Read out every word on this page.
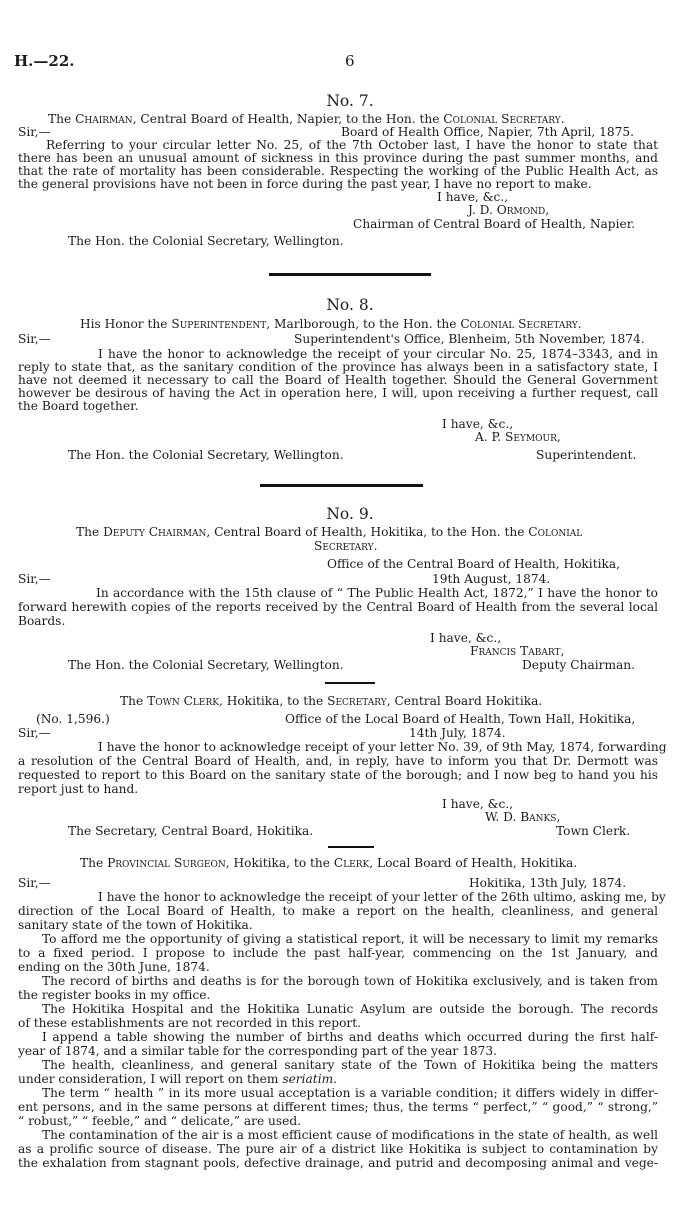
H.—22.	6
No. 7.
The Chairman, Central Board of Health, Napier, to the Hon. the Colonial Secretary.
Sir,—	Board of Health Office, Napier, 7th April, 1875.
Referring to your circular letter No. 25, of the 7th October last, I have the honor to state that
there has been an unusual amount of sickness in this province during the past summer months, and
that the rate of mortality has been considerable. Respecting the working of the Public Health Act, as
the general provisions have not been in force during the past year, I have no report to make.
I have, &c.,
J. D. Ormond,
Chairman of Central Board of Health, Napier.
The Hon. the Colonial Secretary, Wellington.
No. 8.
His Honor the Superintendent, Marlborough, to the Hon. the Colonial Secretary.
Sir,—	Superintendent's Office, Blenheim, 5th November, 1874.
I have the honor to acknowledge the receipt of your circular No. 25, 1874–3343, and in
reply to state that, as the sanitary condition of the province has always been in a satisfactory state, I
have not deemed it necessary to call the Board of Health together. Should the General Government
however be desirous of having the Act in operation here, I will, upon receiving a further request, call
the Board together.
I have, &c.,
A. P. Seymour,
The Hon. the Colonial Secretary, Wellington.	Superintendent.
No. 9.
The Deputy Chairman, Central Board of Health, Hokitika, to the Hon. the Colonial
Secretary.
Office of the Central Board of Health, Hokitika,
Sir,—	19th August, 1874.
In accordance with the 15th clause of “ The Public Health Act, 1872,” I have the honor to
forward herewith copies of the reports received by the Central Board of Health from the several local
Boards.
I have, &c.,
Francis Tabart,
The Hon. the Colonial Secretary, Wellington.	Deputy Chairman.
The Town Clerk, Hokitika, to the Secretary, Central Board Hokitika.
(No. 1,596.)	Office of the Local Board of Health, Town Hall, Hokitika,
Sir,—	14th July, 1874.
I have the honor to acknowledge receipt of your letter No. 39, of 9th May, 1874, forwarding
a resolution of the Central Board of Health, and, in reply, have to inform you that Dr. Dermott was
requested to report to this Board on the sanitary state of the borough; and I now beg to hand you his
report just to hand.
I have, &c.,
W. D. Banks,
The Secretary, Central Board, Hokitika.	Town Clerk.
The Provincial Surgeon, Hokitika, to the Clerk, Local Board of Health, Hokitika.
Sir,—	Hokitika, 13th July, 1874.
I have the honor to acknowledge the receipt of your letter of the 26th ultimo, asking me, by
direction of the Local Board of Health, to make a report on the health, cleanliness, and general
sanitary state of the town of Hokitika.
To afford me the opportunity of giving a statistical report, it will be necessary to limit my remarks
to a fixed period. I propose to include the past half-year, commencing on the 1st January, and
ending on the 30th June, 1874.
The record of births and deaths is for the borough town of Hokitika exclusively, and is taken from
the register books in my office.
The Hokitika Hospital and the Hokitika Lunatic Asylum are outside the borough. The records
of these establishments are not recorded in this report.
I append a table showing the number of births and deaths which occurred during the first half-
year of 1874, and a similar table for the corresponding part of the year 1873.
The health, cleanliness, and general sanitary state of the Town of Hokitika being the matters
under consideration, I will report on them seriatim.
The term “ health ” in its more usual acceptation is a variable condition; it differs widely in differ-
ent persons, and in the same persons at different times; thus, the terms “ perfect,” “ good,” “ strong,”
“ robust,” “ feeble,” and “ delicate,” are used.
The contamination of the air is a most efficient cause of modifications in the state of health, as well
as a prolific source of disease. The pure air of a district like Hokitika is subject to contamination by
the exhalation from stagnant pools, defective drainage, and putrid and decomposing animal and vege-
